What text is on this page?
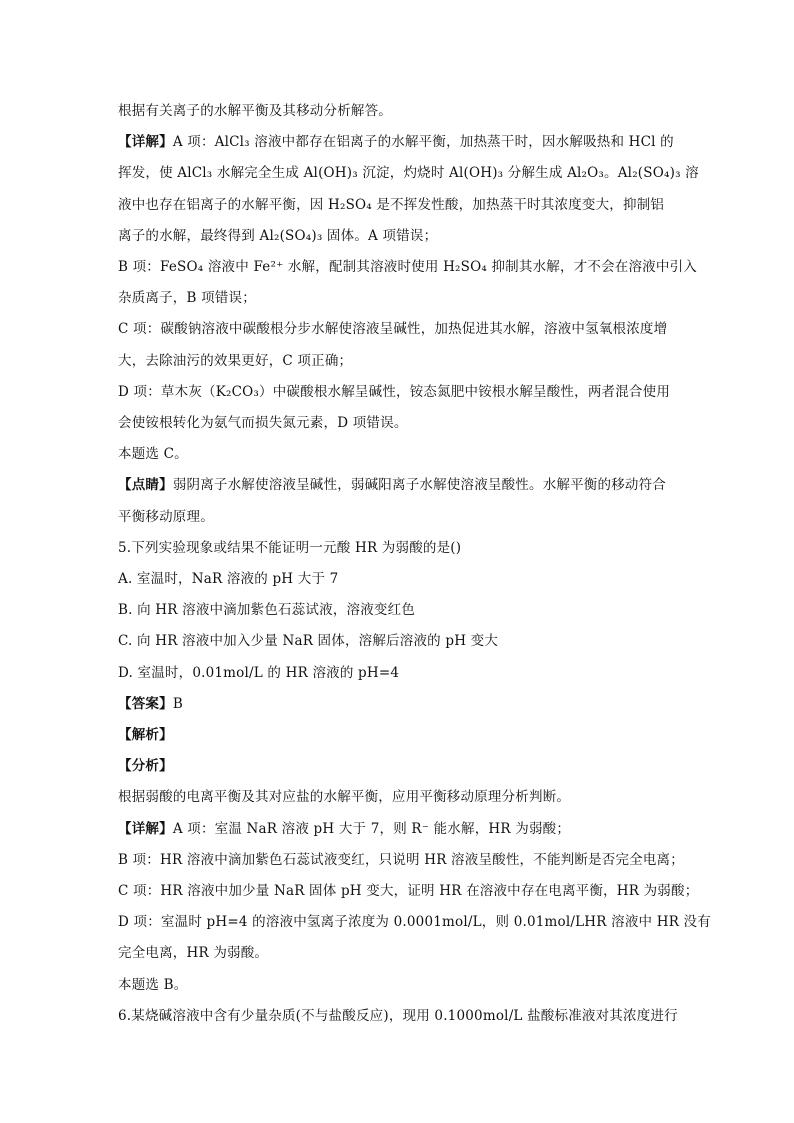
根据有关离子的水解平衡及其移动分析解答。
【详解】A 项：AlCl₃ 溶液中都存在铝离子的水解平衡，加热蒸干时，因水解吸热和 HCl 的
挥发，使 AlCl₃ 水解完全生成 Al(OH)₃ 沉淀，灼烧时 Al(OH)₃ 分解生成 Al₂O₃。Al₂(SO₄)₃ 溶
液中也存在铝离子的水解平衡，因 H₂SO₄ 是不挥发性酸，加热蒸干时其浓度变大，抑制铝
离子的水解，最终得到 Al₂(SO₄)₃ 固体。A 项错误；
B 项：FeSO₄ 溶液中 Fe²⁺ 水解，配制其溶液时使用 H₂SO₄ 抑制其水解，才不会在溶液中引入
杂质离子，B 项错误；
C 项：碳酸钠溶液中碳酸根分步水解使溶液呈碱性，加热促进其水解，溶液中氢氧根浓度增
大，去除油污的效果更好，C 项正确；
D 项：草木灰（K₂CO₃）中碳酸根水解呈碱性，铵态氮肥中铵根水解呈酸性，两者混合使用
会使铵根转化为氨气而损失氮元素，D 项错误。
本题选 C。
【点睛】弱阴离子水解使溶液呈碱性，弱碱阳离子水解使溶液呈酸性。水解平衡的移动符合
平衡移动原理。
5.下列实验现象或结果不能证明一元酸 HR 为弱酸的是()
A. 室温时，NaR 溶液的 pH 大于 7
B. 向 HR 溶液中滴加紫色石蕊试液，溶液变红色
C. 向 HR 溶液中加入少量 NaR 固体，溶解后溶液的 pH 变大
D. 室温时，0.01mol/L 的 HR 溶液的 pH=4
【答案】B
【解析】
【分析】
根据弱酸的电离平衡及其对应盐的水解平衡，应用平衡移动原理分析判断。
【详解】A 项：室温 NaR 溶液 pH 大于 7，则 R⁻ 能水解，HR 为弱酸；
B 项：HR 溶液中滴加紫色石蕊试液变红，只说明 HR 溶液呈酸性，不能判断是否完全电离；
C 项：HR 溶液中加少量 NaR 固体 pH 变大，证明 HR 在溶液中存在电离平衡，HR 为弱酸；
D 项：室温时 pH=4 的溶液中氢离子浓度为 0.0001mol/L，则 0.01mol/LHR 溶液中 HR 没有
完全电离，HR 为弱酸。
本题选 B。
6.某烧碱溶液中含有少量杂质(不与盐酸反应)，现用 0.1000mol/L 盐酸标准液对其浓度进行
